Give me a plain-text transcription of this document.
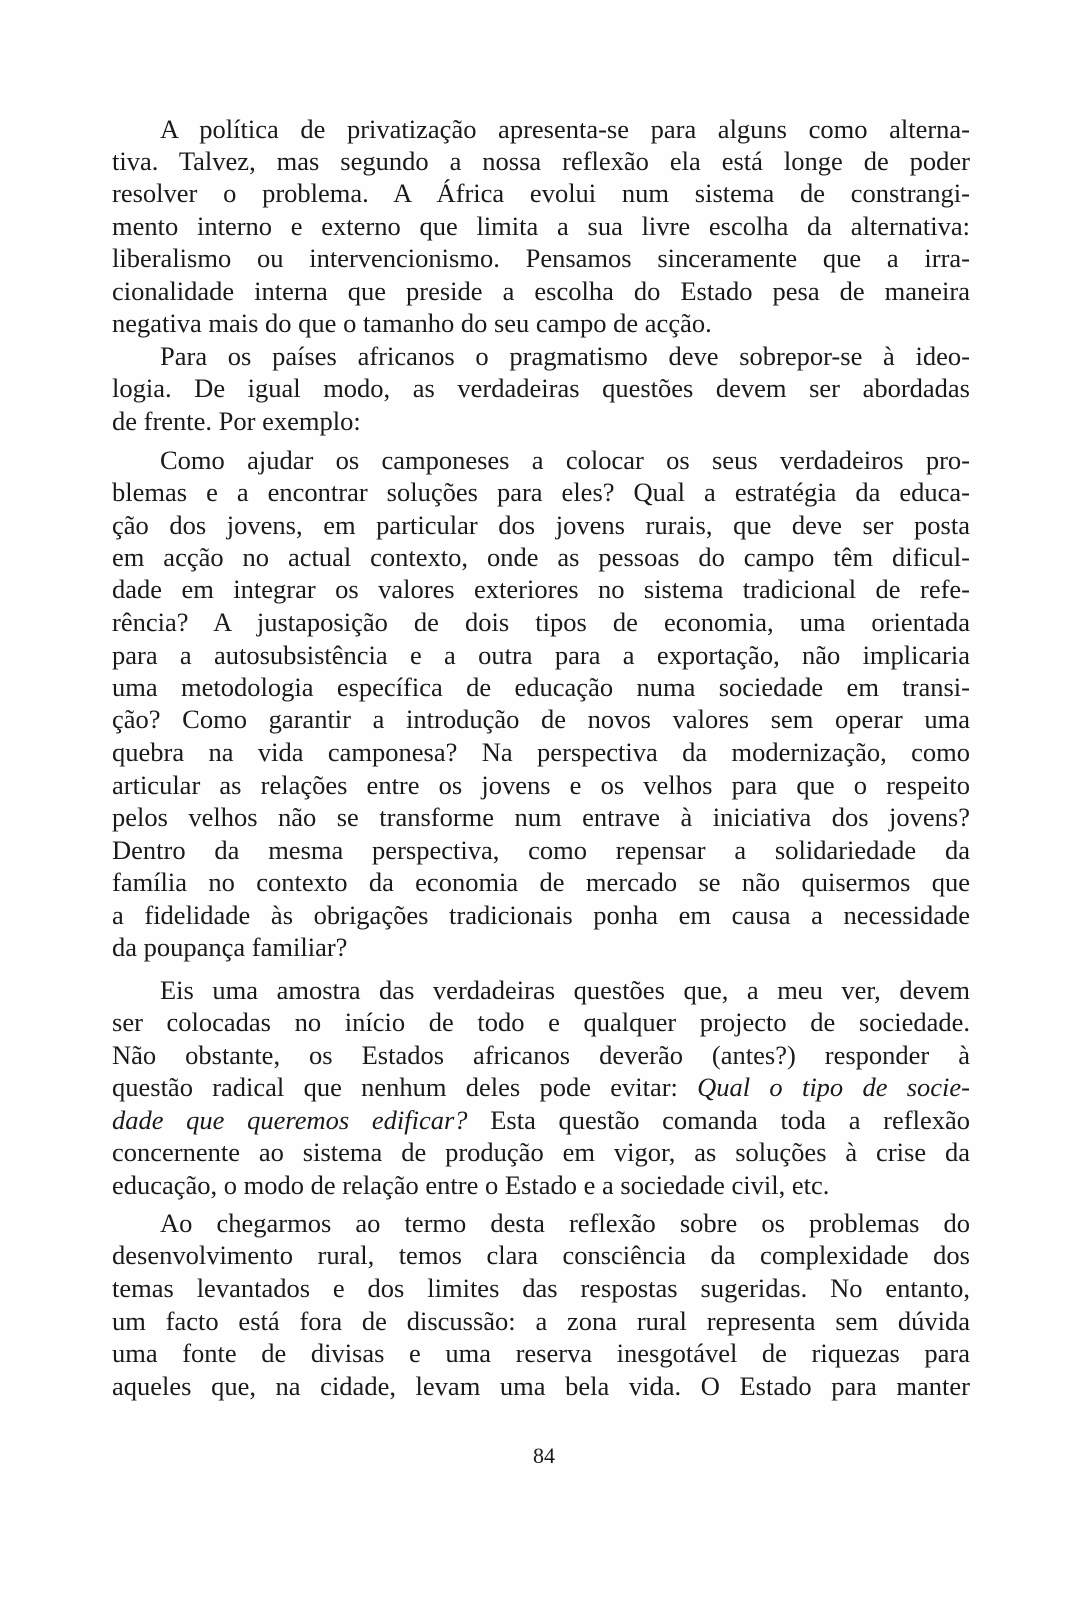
A política de privatização apresenta-se para alguns como alterna-
tiva. Talvez, mas segundo a nossa reflexão ela está longe de poder
resolver o problema. A África evolui num sistema de constrangi-
mento interno e externo que limita a sua livre escolha da alternativa:
liberalismo ou intervencionismo. Pensamos sinceramente que a irra-
cionalidade interna que preside a escolha do Estado pesa de maneira
negativa mais do que o tamanho do seu campo de acção.
Para os países africanos o pragmatismo deve sobrepor-se à ideo-
logia. De igual modo, as verdadeiras questões devem ser abordadas
de frente. Por exemplo:
Como ajudar os camponeses a colocar os seus verdadeiros pro-
blemas e a encontrar soluções para eles? Qual a estratégia da educa-
ção dos jovens, em particular dos jovens rurais, que deve ser posta
em acção no actual contexto, onde as pessoas do campo têm dificul-
dade em integrar os valores exteriores no sistema tradicional de refe-
rência? A justaposição de dois tipos de economia, uma orientada
para a autosubsistência e a outra para a exportação, não implicaria
uma metodologia específica de educação numa sociedade em transi-
ção? Como garantir a introdução de novos valores sem operar uma
quebra na vida camponesa? Na perspectiva da modernização, como
articular as relações entre os jovens e os velhos para que o respeito
pelos velhos não se transforme num entrave à iniciativa dos jovens?
Dentro da mesma perspectiva, como repensar a solidariedade da
família no contexto da economia de mercado se não quisermos que
a fidelidade às obrigações tradicionais ponha em causa a necessidade
da poupança familiar?
Eis uma amostra das verdadeiras questões que, a meu ver, devem
ser colocadas no início de todo e qualquer projecto de sociedade.
Não obstante, os Estados africanos deverão (antes?) responder à
questão radical que nenhum deles pode evitar: Qual o tipo de socie-
dade que queremos edificar? Esta questão comanda toda a reflexão
concernente ao sistema de produção em vigor, as soluções à crise da
educação, o modo de relação entre o Estado e a sociedade civil, etc.
Ao chegarmos ao termo desta reflexão sobre os problemas do
desenvolvimento rural, temos clara consciência da complexidade dos
temas levantados e dos limites das respostas sugeridas. No entanto,
um facto está fora de discussão: a zona rural representa sem dúvida
uma fonte de divisas e uma reserva inesgotável de riquezas para
aqueles que, na cidade, levam uma bela vida. O Estado para manter
84
